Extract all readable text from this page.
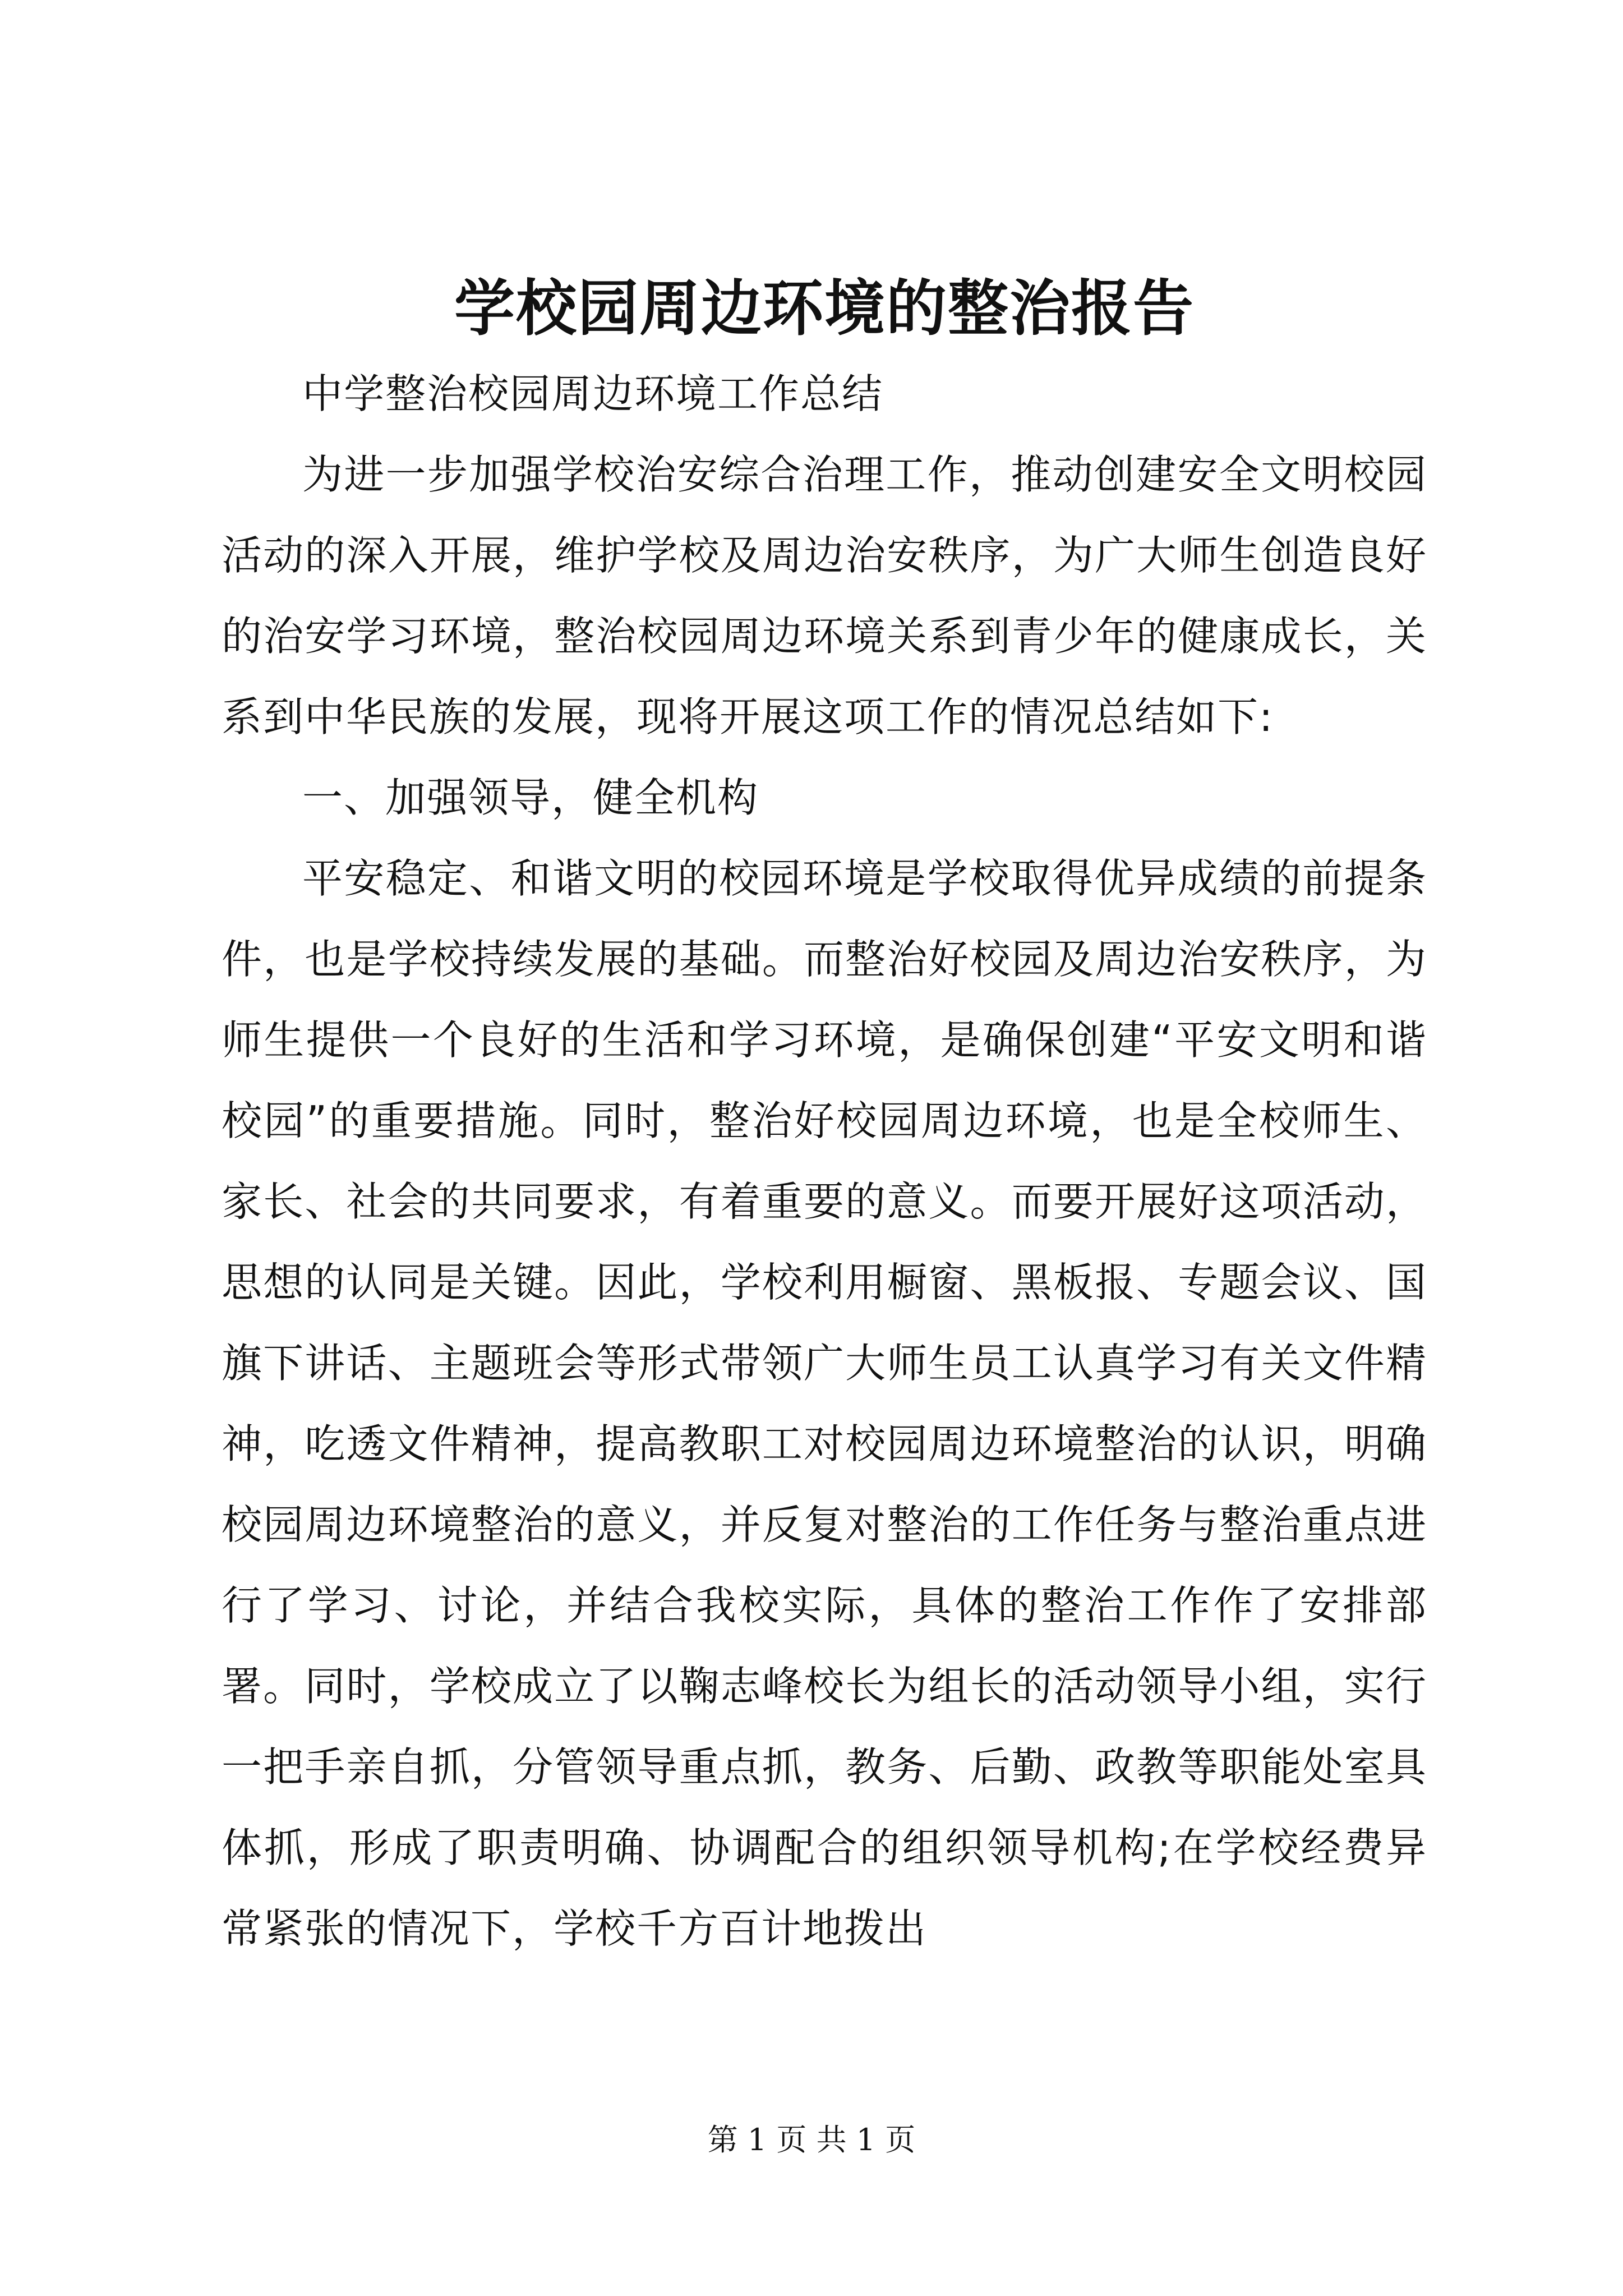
学校园周边环境的整治报告

中学整治校园周边环境工作总结

为进一步加强学校治安综合治理工作，推动创建安全文明校园活动的深入开展，维护学校及周边治安秩序，为广大师生创造良好的治安学习环境，整治校园周边环境关系到青少年的健康成长，关系到中华民族的发展，现将开展这项工作的情况总结如下:

一、加强领导，健全机构

平安稳定、和谐文明的校园环境是学校取得优异成绩的前提条件，也是学校持续发展的基础。而整治好校园及周边治安秩序，为师生提供一个良好的生活和学习环境，是确保创建“平安文明和谐校园”的重要措施。同时，整治好校园周边环境，也是全校师生、家长、社会的共同要求，有着重要的意义。而要开展好这项活动，思想的认同是关键。因此，学校利用橱窗、黑板报、专题会议、国旗下讲话、主题班会等形式带领广大师生员工认真学习有关文件精神，吃透文件精神，提高教职工对校园周边环境整治的认识，明确校园周边环境整治的意义，并反复对整治的工作任务与整治重点进行了学习、讨论，并结合我校实际，具体的整治工作作了安排部署。同时，学校成立了以鞠志峰校长为组长的活动领导小组，实行一把手亲自抓，分管领导重点抓，教务、后勤、政教等职能处室具体抓，形成了职责明确、协调配合的组织领导机构;在学校经费异常紧张的情况下，学校千方百计地拨出

第 1 页 共 1 页
